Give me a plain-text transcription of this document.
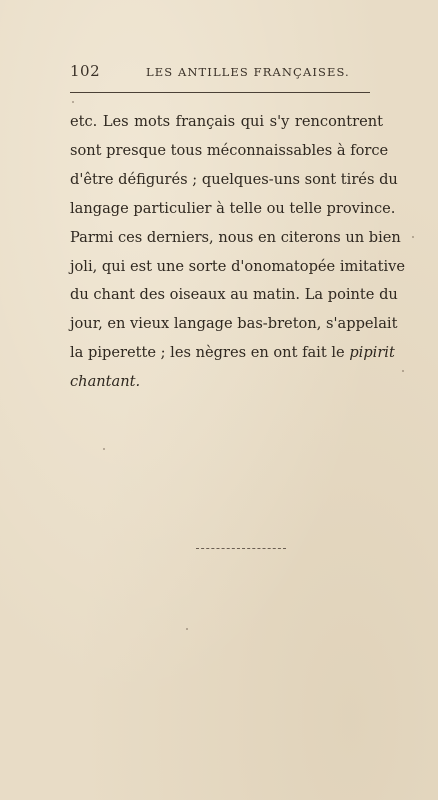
102	LES ANTILLES FRANÇAISES.
etc. Les mots français qui s'y rencontrent
sont presque tous méconnaissables à force
d'être défigurés ; quelques-uns sont tirés du
langage particulier à telle ou telle province.
Parmi ces derniers, nous en citerons un bien
joli, qui est une sorte d'onomatopée imitative
du chant des oiseaux au matin. La pointe du
jour, en vieux langage bas-breton, s'appelait
la piperette ; les nègres en ont fait le pipirit
chantant.
